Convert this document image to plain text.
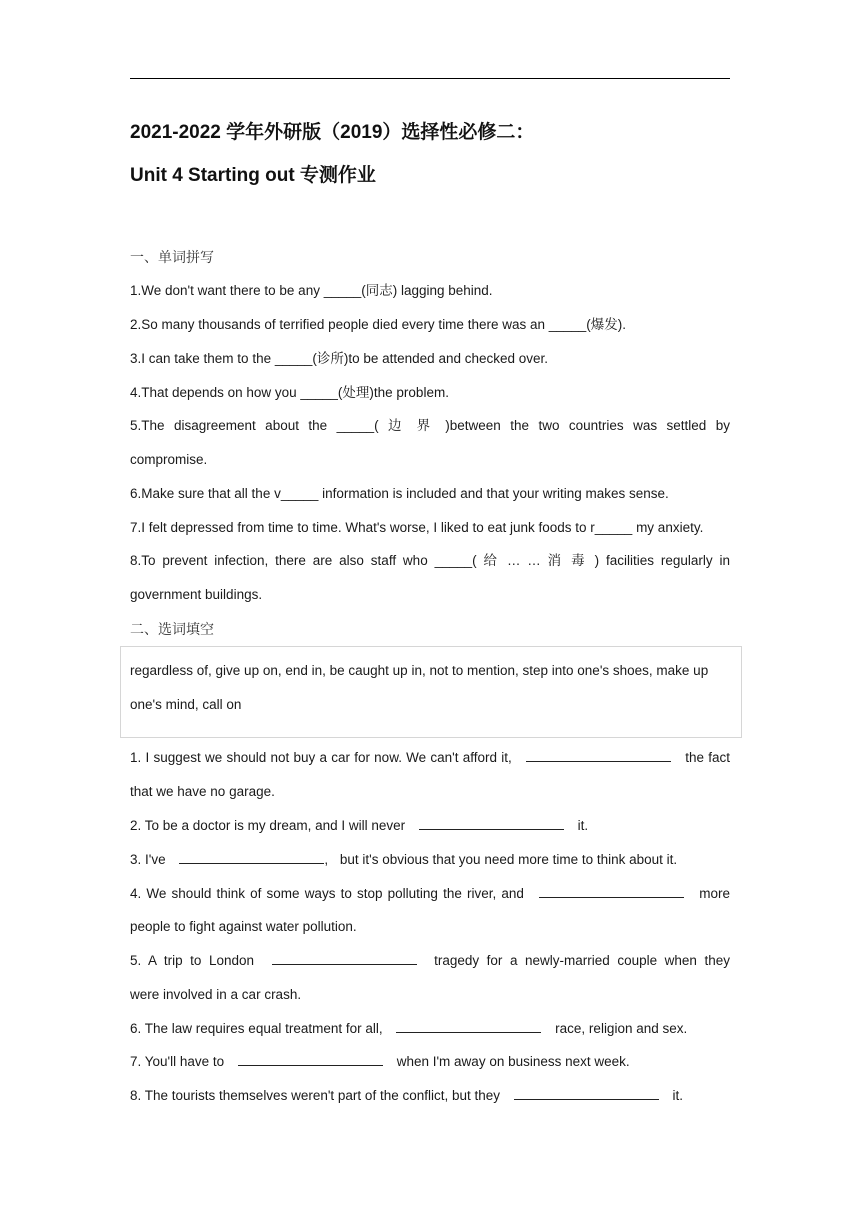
2021-2022 学年外研版（2019）选择性必修二：
Unit 4 Starting out 专测作业
一、单词拼写
1.We don't want there to be any _____(同志) lagging behind.
2.So many thousands of terrified people died every time there was an _____(爆发).
3.I can take them to the _____(诊所)to be attended and checked over.
4.That depends on how you _____(处理)the problem.
5.The disagreement about the _____( 边 界 )between the two countries was settled by
compromise.
6.Make sure that all the v_____ information is included and that your writing makes sense.
7.I felt depressed from time to time. What's worse, I liked to eat junk foods to r_____ my anxiety.
8.To prevent infection, there are also staff who _____( 给 … … 消 毒 ) facilities regularly in
government buildings.
二、选词填空
regardless of, give up on, end in, be caught up in, not to mention, step into one's shoes, make up
one's mind, call on
1. I suggest we should not buy a car for now. We can't afford it,	the fact
that we have no garage.
2. To be a doctor is my dream, and I will never	it.
3. I've	, but it's obvious that you need more time to think about it.
4. We should think of some ways to stop polluting the river, and	more
people to fight against water pollution.
5. A trip to London	tragedy for a newly-married couple when they
were involved in a car crash.
6. The law requires equal treatment for all,	race, religion and sex.
7. You'll have to	when I'm away on business next week.
8. The tourists themselves weren't part of the conflict, but they	it.
